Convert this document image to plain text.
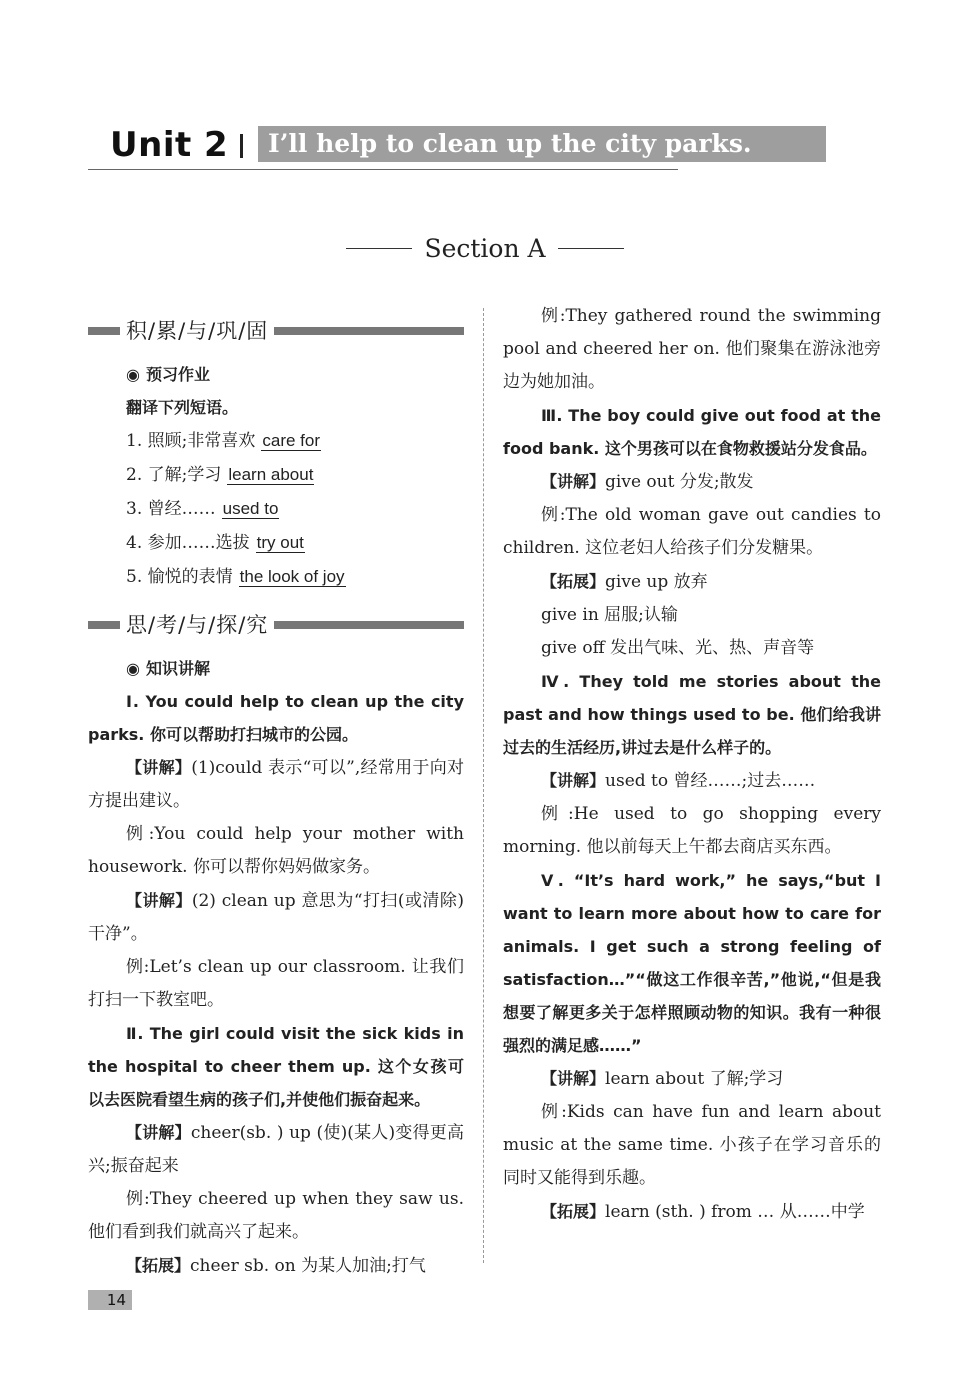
Unit 2 I’ll help to clean up the city parks.
Section A
积/累/与/巩/固
◉ 预习作业
翻译下列短语。
1. 照顾;非常喜欢 care for
2. 了解;学习 learn about
3. 曾经…… used to
4. 参加……选拔 try out
5. 愉悦的表情 the look of joy
思/考/与/探/究
◉ 知识讲解
Ⅰ. You could help to clean up the city parks. 你可以帮助打扫城市的公园。
【讲解】(1)could 表示“可以”,经常用于向对方提出建议。
例:You could help your mother with housework. 你可以帮你妈妈做家务。
【讲解】(2) clean up 意思为“打扫(或清除)干净”。
例:Let’s clean up our classroom. 让我们打扫一下教室吧。
Ⅱ. The girl could visit the sick kids in the hospital to cheer them up. 这个女孩可以去医院看望生病的孩子们,并使他们振奋起来。
【讲解】cheer(sb. ) up (使)(某人)变得更高兴;振奋起来
例:They cheered up when they saw us. 他们看到我们就高兴了起来。
【拓展】cheer sb. on 为某人加油;打气
例:They gathered round the swimming pool and cheered her on. 他们聚集在游泳池旁边为她加油。
Ⅲ. The boy could give out food at the food bank. 这个男孩可以在食物救援站分发食品。
【讲解】give out 分发;散发
例:The old woman gave out candies to children. 这位老妇人给孩子们分发糖果。
【拓展】give up 放弃
give in 屈服;认输
give off 发出气味、光、热、声音等
Ⅳ. They told me stories about the past and how things used to be. 他们给我讲过去的生活经历,讲过去是什么样子的。
【讲解】used to 曾经……;过去……
例:He used to go shopping every morning. 他以前每天上午都去商店买东西。
Ⅴ. “It’s hard work,” he says,“but I want to learn more about how to care for animals. I get such a strong feeling of satisfaction…”“做这工作很辛苦,”他说,“但是我想要了解更多关于怎样照顾动物的知识。我有一种很强烈的满足感……”
【讲解】learn about 了解;学习
例:Kids can have fun and learn about music at the same time. 小孩子在学习音乐的同时又能得到乐趣。
【拓展】learn (sth. ) from … 从……中学
14
